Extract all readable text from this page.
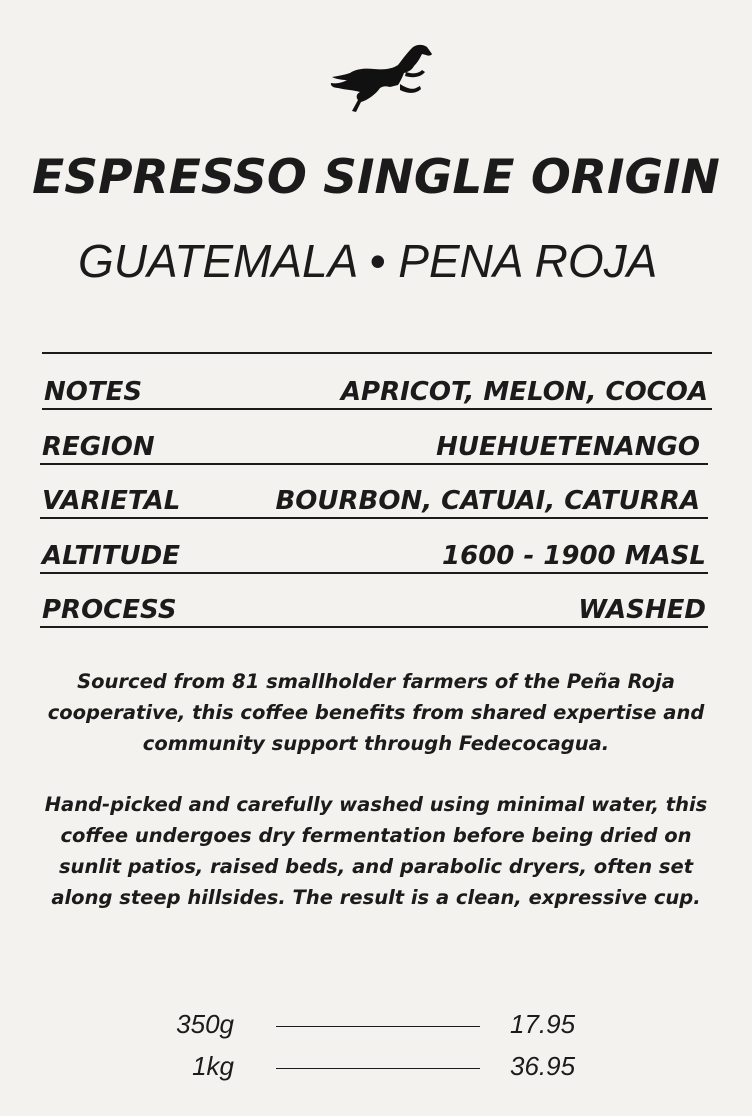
ESPRESSO SINGLE ORIGIN
GUATEMALA • PENA ROJA
NOTES	APRICOT, MELON, COCOA
REGION	HUEHUETENANGO
VARIETAL	BOURBON, CATUAI, CATURRA
ALTITUDE	1600 - 1900 MASL
PROCESS	WASHED

Sourced from 81 smallholder farmers of the Peña Roja cooperative, this coffee benefits from shared expertise and community support through Fedecocagua.

Hand-picked and carefully washed using minimal water, this coffee undergoes dry fermentation before being dried on sunlit patios, raised beds, and parabolic dryers, often set along steep hillsides. The result is a clean, expressive cup.

350g	17.95
1kg	36.95
